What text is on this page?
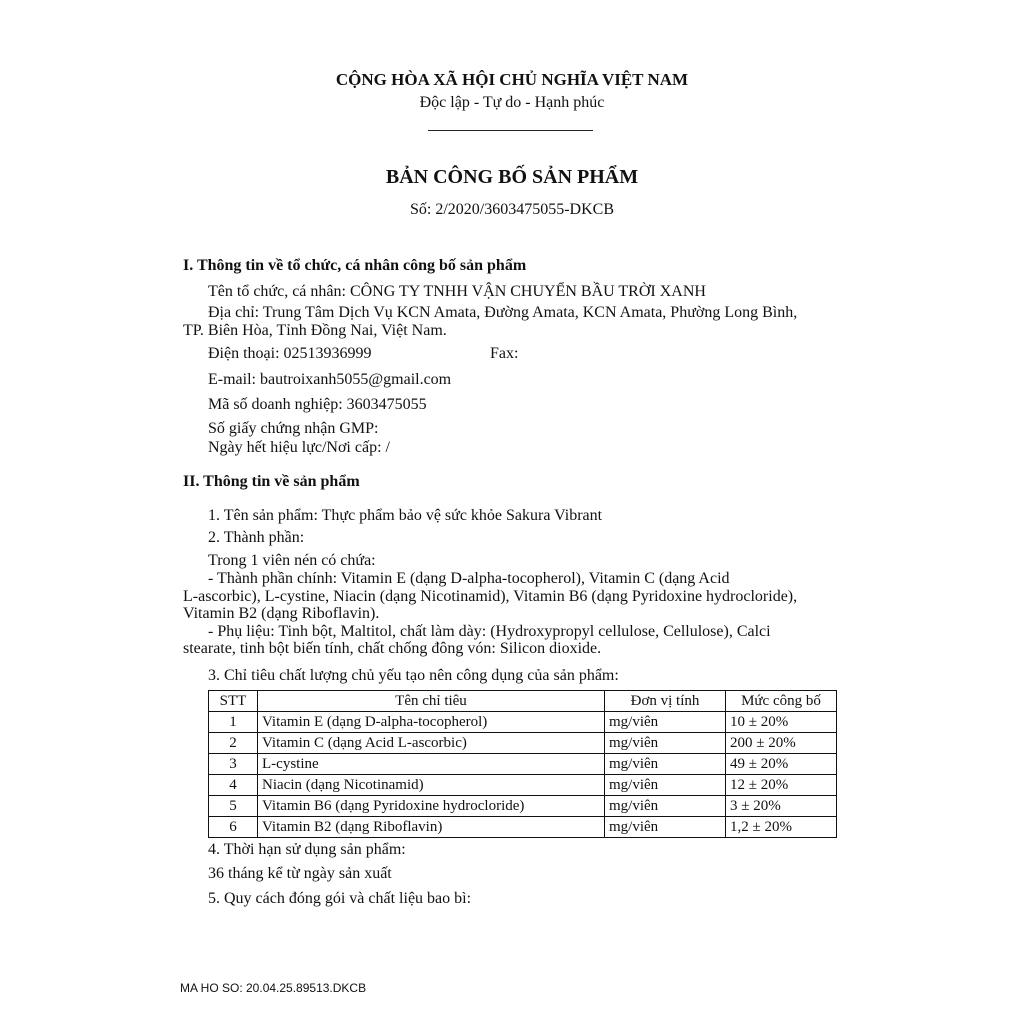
CỘNG HÒA XÃ HỘI CHỦ NGHĨA VIỆT NAM
Độc lập - Tự do - Hạnh phúc
BẢN CÔNG BỐ SẢN PHẨM
Số: 2/2020/3603475055-DKCB
I. Thông tin về tổ chức, cá nhân công bố sản phẩm
Tên tổ chức, cá nhân: CÔNG TY TNHH VẬN CHUYỂN BẦU TRỜI XANH
Địa chỉ: Trung Tâm Dịch Vụ KCN Amata, Đường Amata, KCN Amata, Phường Long Bình,
TP. Biên Hòa, Tỉnh Đồng Nai, Việt Nam.
Điện thoại: 02513936999	Fax:
E-mail: bautroixanh5055@gmail.com
Mã số doanh nghiệp: 3603475055
Số giấy chứng nhận GMP:
Ngày hết hiệu lực/Nơi cấp: /
II. Thông tin về sản phẩm
1. Tên sản phẩm: Thực phẩm bảo vệ sức khỏe Sakura Vibrant
2. Thành phần:
Trong 1 viên nén có chứa:
- Thành phần chính: Vitamin E (dạng D-alpha-tocopherol), Vitamin C (dạng Acid
L-ascorbic), L-cystine, Niacin (dạng Nicotinamid), Vitamin B6 (dạng Pyridoxine hydrocloride),
Vitamin B2 (dạng Riboflavin).
- Phụ liệu: Tinh bột, Maltitol, chất làm dày: (Hydroxypropyl cellulose, Cellulose), Calci
stearate, tinh bột biến tính, chất chống đông vón: Silicon dioxide.
3. Chỉ tiêu chất lượng chủ yếu tạo nên công dụng của sản phẩm:
STT	Tên chỉ tiêu	Đơn vị tính	Mức công bố
1	Vitamin E (dạng D-alpha-tocopherol)	mg/viên	10 ± 20%
2	Vitamin C (dạng Acid L-ascorbic)	mg/viên	200 ± 20%
3	L-cystine	mg/viên	49 ± 20%
4	Niacin (dạng Nicotinamid)	mg/viên	12 ± 20%
5	Vitamin B6 (dạng Pyridoxine hydrocloride)	mg/viên	3 ± 20%
6	Vitamin B2 (dạng Riboflavin)	mg/viên	1,2 ± 20%
4. Thời hạn sử dụng sản phẩm:
36 tháng kể từ ngày sản xuất
5. Quy cách đóng gói và chất liệu bao bì:
MA HO SO: 20.04.25.89513.DKCB
